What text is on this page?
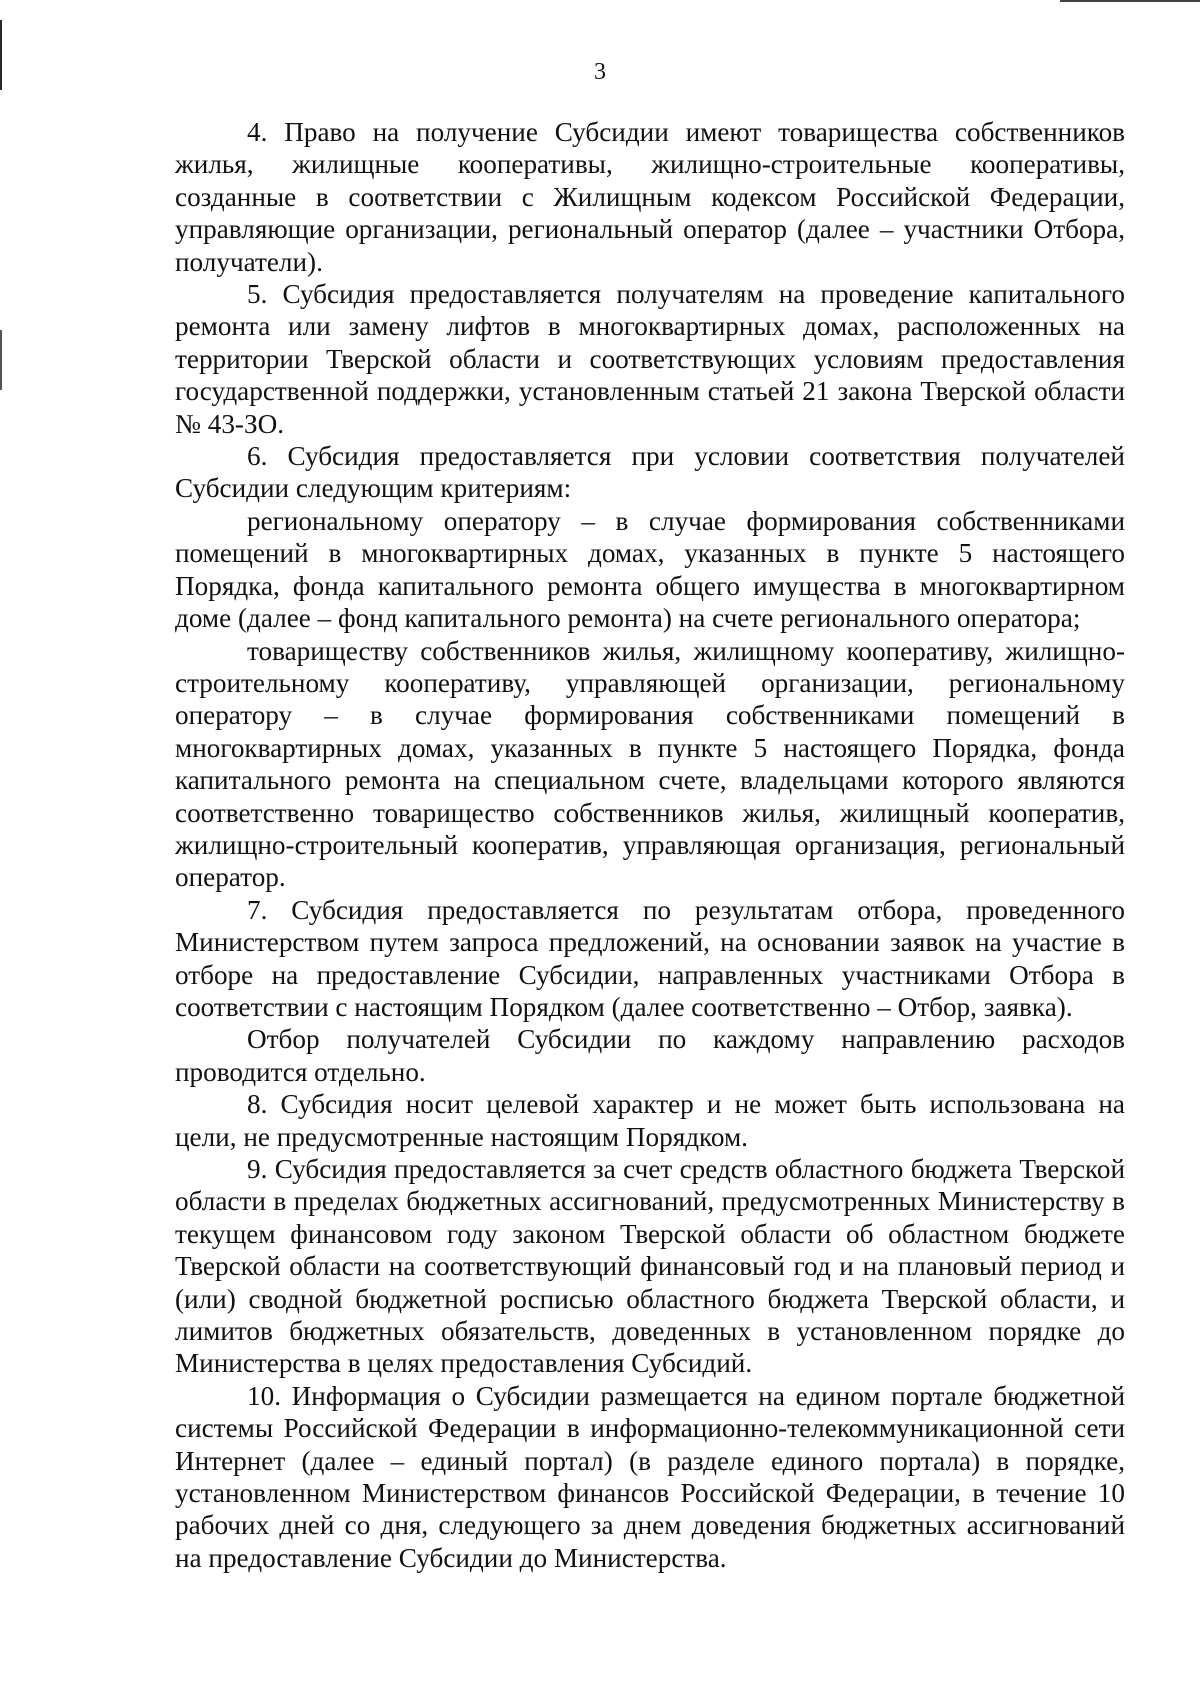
3

4. Право на получение Субсидии имеют товарищества собственников жилья, жилищные кооперативы, жилищно-строительные кооперативы, созданные в соответствии с Жилищным кодексом Российской Федерации, управляющие организации, региональный оператор (далее – участники Отбора, получатели).

5. Субсидия предоставляется получателям на проведение капитального ремонта или замену лифтов в многоквартирных домах, расположенных на территории Тверской области и соответствующих условиям предоставления государственной поддержки, установленным статьей 21 закона Тверской области № 43-ЗО.

6. Субсидия предоставляется при условии соответствия получателей Субсидии следующим критериям:

региональному оператору – в случае формирования собственниками помещений в многоквартирных домах, указанных в пункте 5 настоящего Порядка, фонда капитального ремонта общего имущества в многоквартирном доме (далее – фонд капитального ремонта) на счете регионального оператора;

товариществу собственников жилья, жилищному кооперативу, жилищно-строительному кооперативу, управляющей организации, региональному оператору – в случае формирования собственниками помещений в многоквартирных домах, указанных в пункте 5 настоящего Порядка, фонда капитального ремонта на специальном счете, владельцами которого являются соответственно товарищество собственников жилья, жилищный кооператив, жилищно-строительный кооператив, управляющая организация, региональный оператор.

7. Субсидия предоставляется по результатам отбора, проведенного Министерством путем запроса предложений, на основании заявок на участие в отборе на предоставление Субсидии, направленных участниками Отбора в соответствии с настоящим Порядком (далее соответственно – Отбор, заявка).

Отбор получателей Субсидии по каждому направлению расходов проводится отдельно.

8. Субсидия носит целевой характер и не может быть использована на цели, не предусмотренные настоящим Порядком.

9. Субсидия предоставляется за счет средств областного бюджета Тверской области в пределах бюджетных ассигнований, предусмотренных Министерству в текущем финансовом году законом Тверской области об областном бюджете Тверской области на соответствующий финансовый год и на плановый период и (или) сводной бюджетной росписью областного бюджета Тверской области, и лимитов бюджетных обязательств, доведенных в установленном порядке до Министерства в целях предоставления Субсидий.

10. Информация о Субсидии размещается на едином портале бюджетной системы Российской Федерации в информационно-телекоммуникационной сети Интернет (далее – единый портал) (в разделе единого портала) в порядке, установленном Министерством финансов Российской Федерации, в течение 10 рабочих дней со дня, следующего за днем доведения бюджетных ассигнований на предоставление Субсидии до Министерства.
